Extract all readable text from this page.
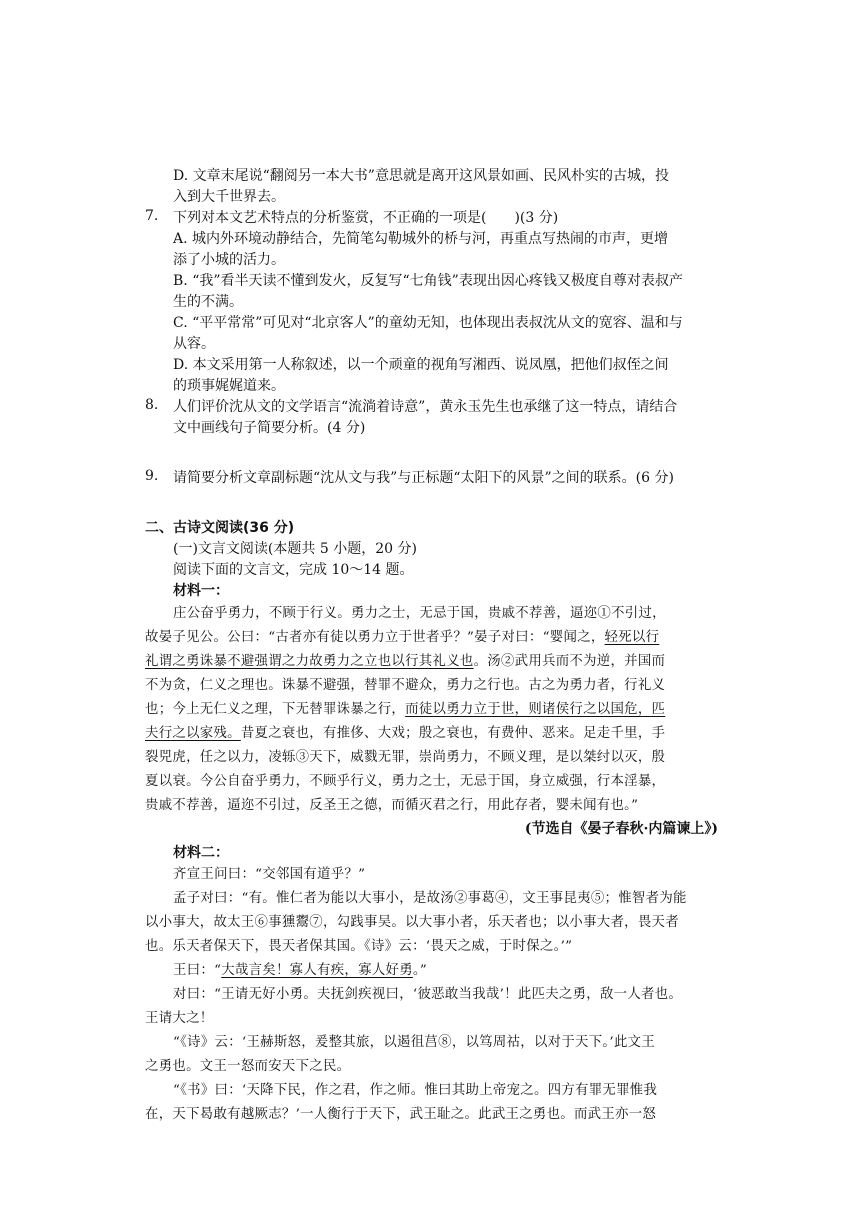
D. 文章末尾说“翻阅另一本大书”意思就是离开这风景如画、民风朴实的古城，投
入到大千世界去。
7. 下列对本文艺术特点的分析鉴赏，不正确的一项是(　　)(3 分)
A. 城内外环境动静结合，先简笔勾勒城外的桥与河，再重点写热闹的市声，更增
添了小城的活力。
B. “我”看半天读不懂到发火，反复写“七角钱”表现出因心疼钱又极度自尊对表叔产
生的不满。
C. “平平常常”可见对“北京客人”的童幼无知，也体现出表叔沈从文的宽容、温和与
从容。
D. 本文采用第一人称叙述，以一个顽童的视角写湘西、说凤凰，把他们叔侄之间
的琐事娓娓道来。
8. 人们评价沈从文的文学语言“流淌着诗意”，黄永玉先生也承继了这一特点，请结合
文中画线句子简要分析。(4 分)
9. 请简要分析文章副标题“沈从文与我”与正标题“太阳下的风景”之间的联系。(6 分)
二、古诗文阅读(36 分)
(一)文言文阅读(本题共 5 小题，20 分)
阅读下面的文言文，完成 10～14 题。
材料一：
庄公奋乎勇力，不顾于行义。勇力之士，无忌于国，贵戚不荐善，逼迩①不引过，
故晏子见公。公曰：“古者亦有徒以勇力立于世者乎？”晏子对曰：“婴闻之，轻死以行
礼谓之勇诛暴不避强谓之力故勇力之立也以行其礼义也。汤②武用兵而不为逆，并国而
不为贪，仁义之理也。诛暴不避强，替罪不避众，勇力之行也。古之为勇力者，行礼义
也；今上无仁义之理，下无替罪诛暴之行，而徒以勇力立于世，则诸侯行之以国危，匹
夫行之以家残。昔夏之衰也，有推侈、大戏；殷之衰也，有费仲、恶来。足走千里，手
裂兕虎，任之以力，凌轹③天下，威戮无罪，崇尚勇力，不顾义理，是以桀纣以灭，殷
夏以衰。今公自奋乎勇力，不顾乎行义，勇力之士，无忌于国，身立威强，行本淫暴，
贵戚不荐善，逼迩不引过，反圣王之德，而循灭君之行，用此存者，婴未闻有也。”
(节选自《晏子春秋·内篇谏上》)
材料二：
齐宣王问曰：“交邻国有道乎？”
孟子对曰：“有。惟仁者为能以大事小，是故汤②事葛④，文王事昆夷⑤；惟智者为能
以小事大，故太王⑥事獯鬻⑦，勾践事吴。以大事小者，乐天者也；以小事大者，畏天者
也。乐天者保天下，畏天者保其国。《诗》云：‘畏天之威，于时保之。’”
王曰：“大哉言矣！寡人有疾，寡人好勇。”
对曰：“王请无好小勇。夫抚剑疾视曰，‘彼恶敢当我哉’！此匹夫之勇，敌一人者也。
王请大之！
“《诗》云：‘王赫斯怒，爰整其旅，以遏徂莒⑧，以笃周祜，以对于天下。’此文王
之勇也。文王一怒而安天下之民。
“《书》曰：‘天降下民，作之君，作之师。惟曰其助上帝宠之。四方有罪无罪惟我
在，天下曷敢有越厥志？’一人衡行于天下，武王耻之。此武王之勇也。而武王亦一怒
